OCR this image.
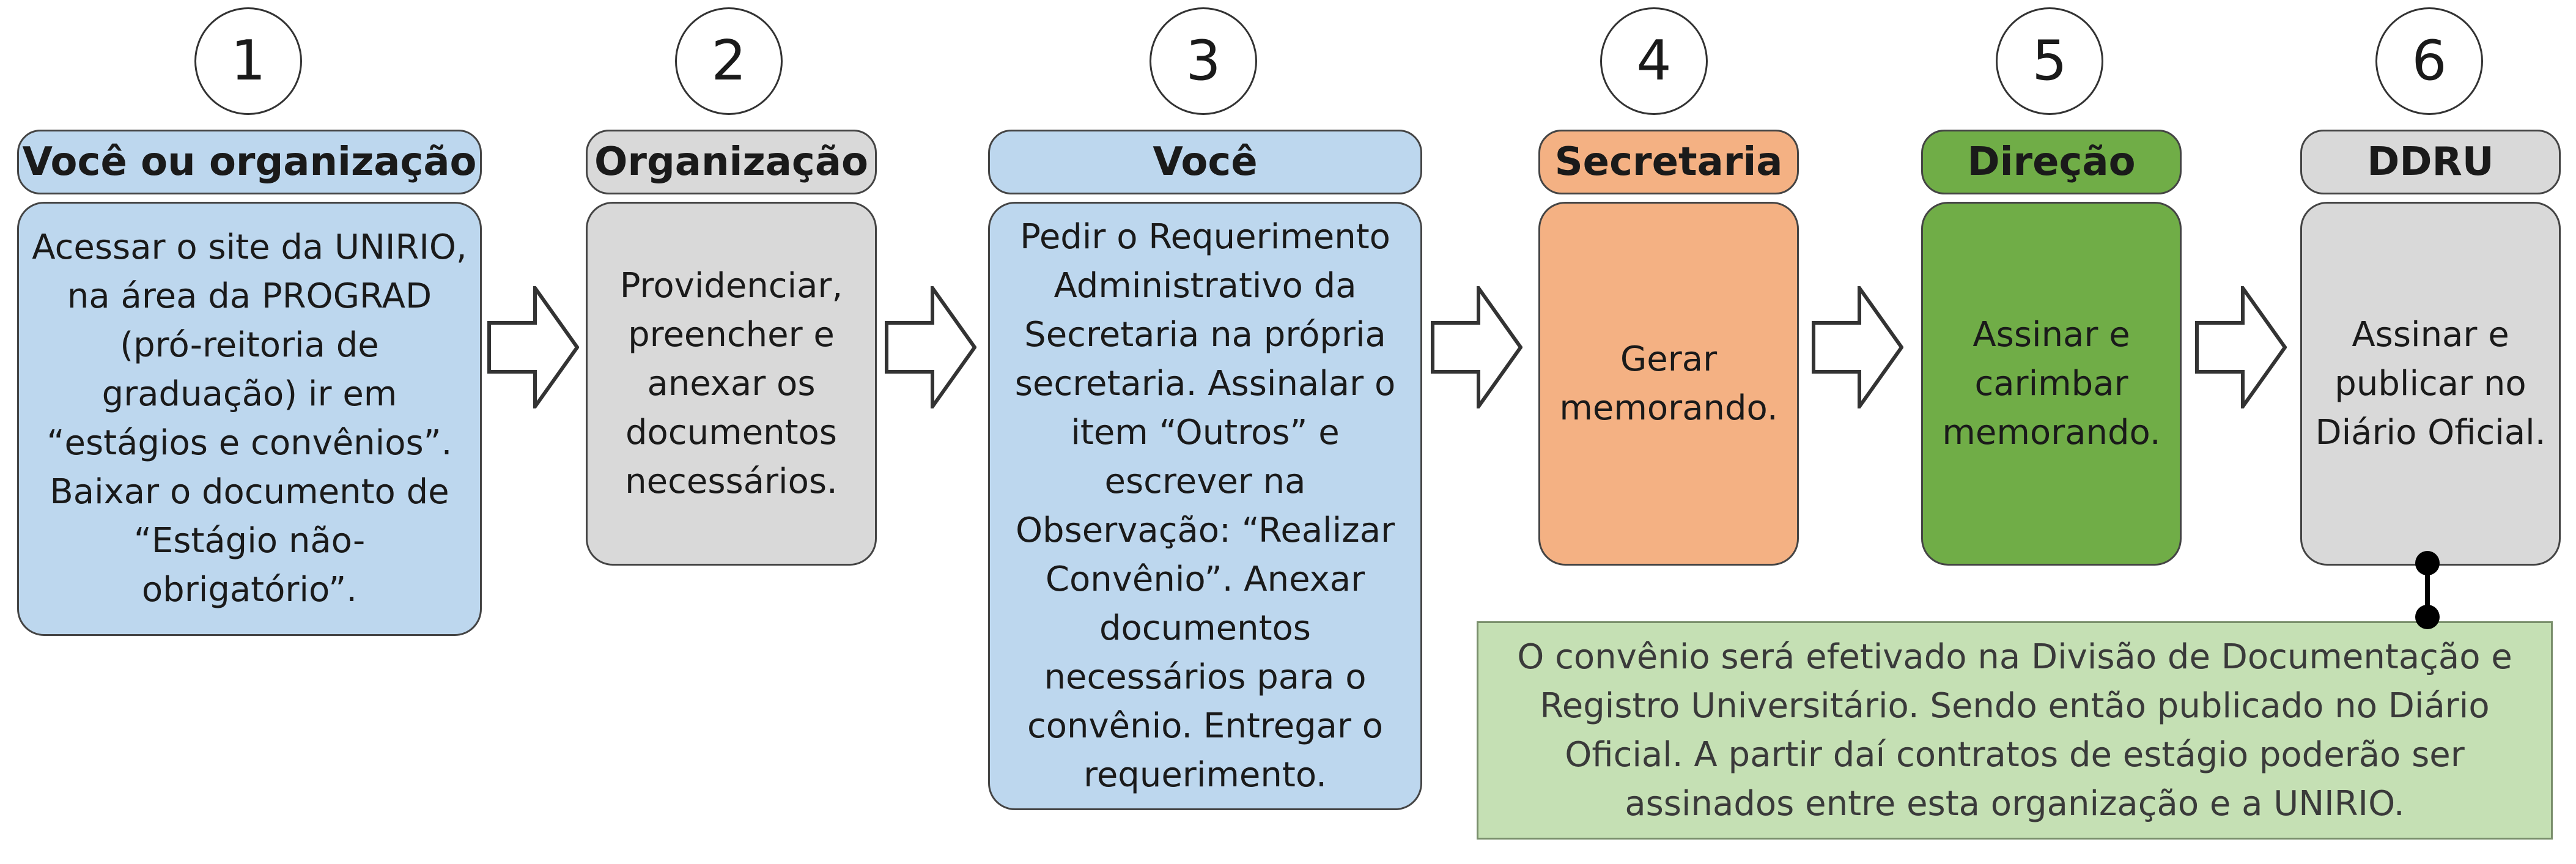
1	2	3	4	5	6
Você ou organização	Organização	Você	Secretaria	Direção	DDRU
Acessar o site da UNIRIO, na área da PROGRAD (pró-reitoria de graduação) ir em “estágios e convênios”. Baixar o documento de “Estágio não-obrigatório”.
Providenciar, preencher e anexar os documentos necessários.
Pedir o Requerimento Administrativo da Secretaria na própria secretaria. Assinalar o item “Outros” e escrever na Observação: “Realizar Convênio”. Anexar documentos necessários para o convênio. Entregar o requerimento.
Gerar memorando.
Assinar e carimbar memorando.
Assinar e publicar no Diário Oficial.
O convênio será efetivado na Divisão de Documentação e Registro Universitário. Sendo então publicado no Diário Oficial. A partir daí contratos de estágio poderão ser assinados entre esta organização e a UNIRIO.
